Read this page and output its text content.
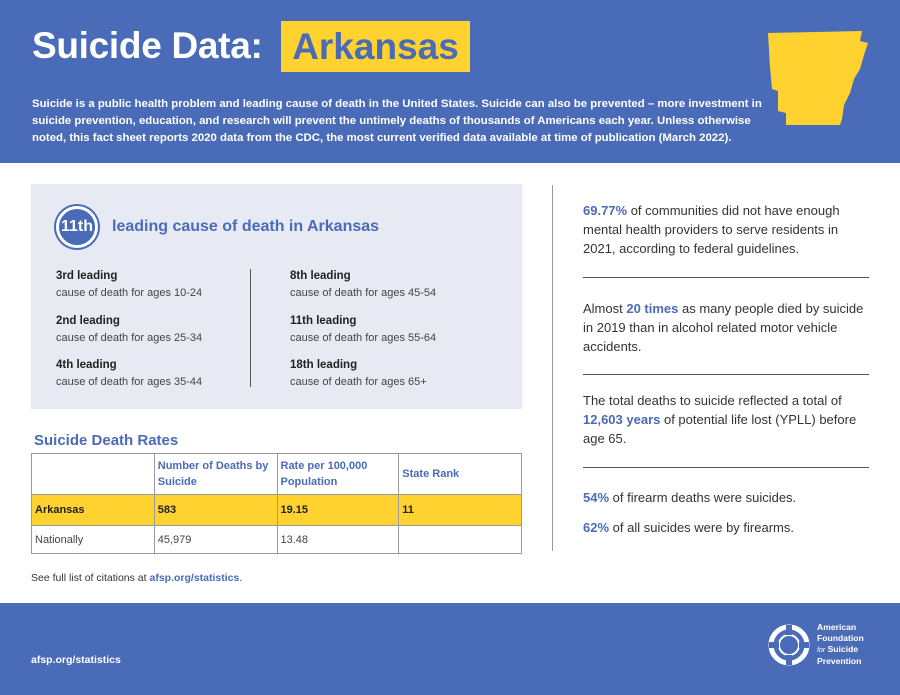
Suicide Data: Arkansas
Suicide is a public health problem and leading cause of death in the United States. Suicide can also be prevented – more investment in suicide prevention, education, and research will prevent the untimely deaths of thousands of Americans each year. Unless otherwise noted, this fact sheet reports 2020 data from the CDC, the most current verified data available at time of publication (March 2022).
11th	leading cause of death in Arkansas
3rd leading
cause of death for ages 10-24
2nd leading
cause of death for ages 25-34
4th leading
cause of death for ages 35-44
8th leading
cause of death for ages 45-54
11th leading
cause of death for ages 55-64
18th leading
cause of death for ages 65+
Suicide Death Rates
	Number of Deaths by Suicide	Rate per 100,000 Population	State Rank
Arkansas	583	19.15	11
Nationally	45,979	13.48	
See full list of citations at afsp.org/statistics.
69.77% of communities did not have enough mental health providers to serve residents in 2021, according to federal guidelines.
Almost 20 times as many people died by suicide in 2019 than in alcohol related motor vehicle accidents.
The total deaths to suicide reflected a total of 12,603 years of potential life lost (YPLL) before age 65.
54% of firearm deaths were suicides.
62% of all suicides were by firearms.
afsp.org/statistics
American
Foundation
for Suicide
Prevention
